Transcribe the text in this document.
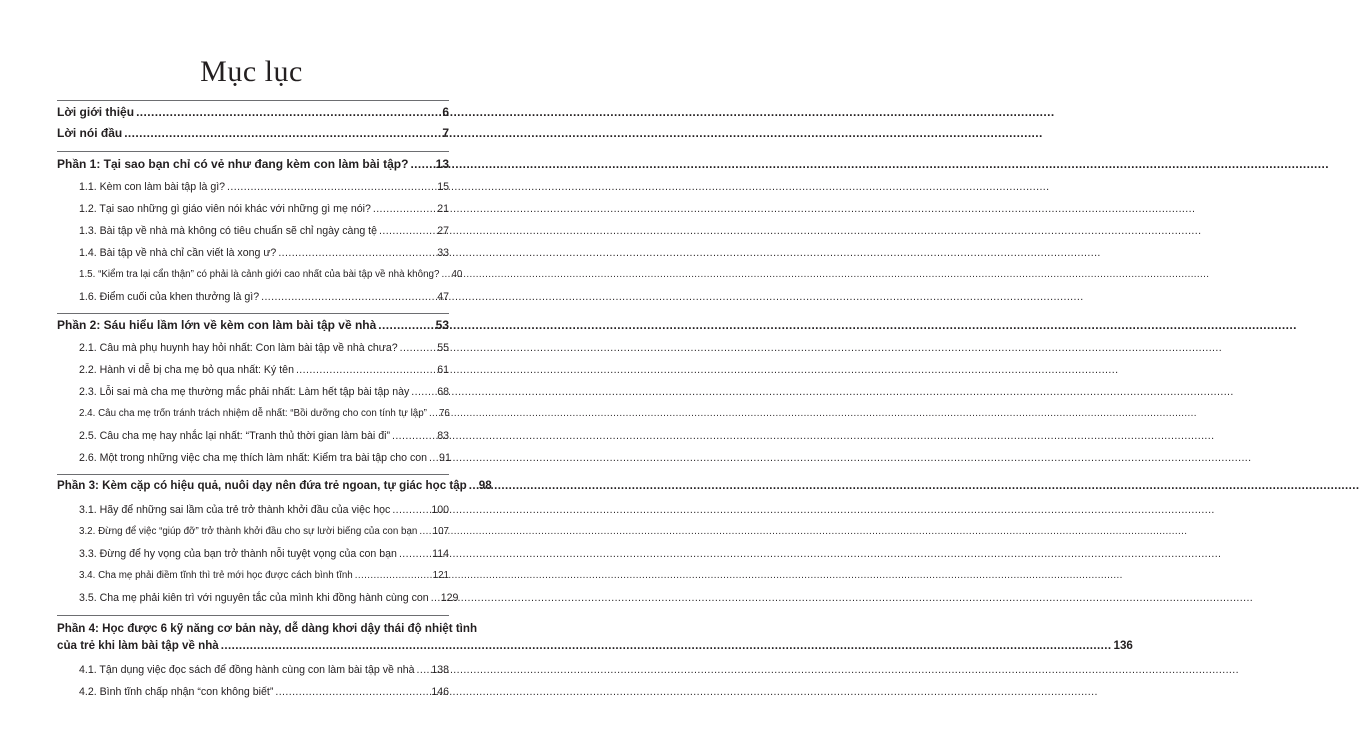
Mục lục
Lời giới thiệu .....	6
Lời nói đầu .....	7
Phần 1: Tại sao bạn chỉ có vẻ như đang kèm con làm bài tập? ..... 13
1.1. Kèm con làm bài tập là gì? .....	15
1.2. Tại sao những gì giáo viên nói khác với những gì mẹ nói? .....	21
1.3. Bài tập về nhà mà không có tiêu chuẩn sẽ chỉ ngày càng tệ .....	27
1.4. Bài tập về nhà chỉ cần viết là xong ư? .....	33
1.5. “Kiểm tra lại cẩn thận” có phải là cảnh giới cao nhất của bài tập về nhà không? ..... 40
1.6. Điểm cuối của khen thưởng là gì? .....	47
Phần 2: Sáu hiểu lầm lớn về kèm con làm bài tập về nhà .....	53
2.1. Câu mà phụ huynh hay hỏi nhất: Con làm bài tập về nhà chưa? .....	55
2.2. Hành vi dễ bị cha mẹ bỏ qua nhất: Ký tên .....	61
2.3. Lỗi sai mà cha mẹ thường mắc phải nhất: Làm hết tập bài tập này .....	68
2.4. Câu cha mẹ trốn tránh trách nhiệm dễ nhất: “Bồi dưỡng cho con tính tự lập” ..... 76
2.5. Câu cha mẹ hay nhắc lại nhất: “Tranh thủ thời gian làm bài đi” .....	83
2.6. Một trong những việc cha mẹ thích làm nhất: Kiểm tra bài tập cho con ..... 91
Phần 3: Kèm cặp có hiệu quả, nuôi dạy nên đứa trẻ ngoan, tự giác học tập ..... 98
3.1. Hãy để những sai lầm của trẻ trở thành khởi đầu của việc học .....	100
3.2. Đừng để việc “giúp đỡ” trở thành khởi đầu cho sự lười biếng của con bạn ..... 107
3.3. Đừng để hy vọng của bạn trở thành nỗi tuyệt vọng của con bạn .....	114
3.4. Cha mẹ phải điềm tĩnh thì trẻ mới học được cách bình tĩnh .....	121
3.5. Cha mẹ phải kiên trì với nguyên tắc của mình khi đồng hành cùng con ..... 129
Phần 4: Học được 6 kỹ năng cơ bản này, dễ dàng khơi dậy thái độ nhiệt tình
của trẻ khi làm bài tập về nhà .....	136
4.1. Tận dụng việc đọc sách để đồng hành cùng con làm bài tập về nhà ..... 138
4.2. Bình tĩnh chấp nhận “con không biết” .....	146
